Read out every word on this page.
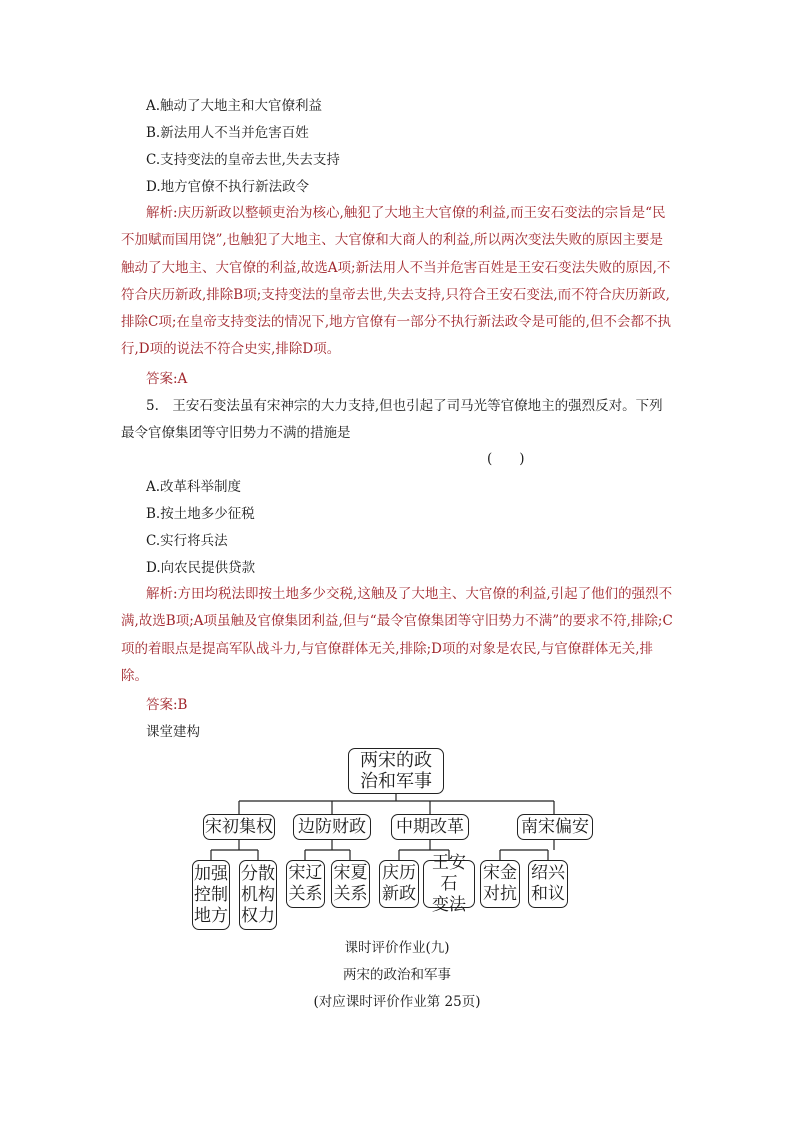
A.触动了大地主和大官僚利益
B.新法用人不当并危害百姓
C.支持变法的皇帝去世,失去支持
D.地方官僚不执行新法政令
解析:庆历新政以整顿吏治为核心,触犯了大地主大官僚的利益,而王安石变法的宗旨是“民不加赋而国用饶”,也触犯了大地主、大官僚和大商人的利益,所以两次变法失败的原因主要是触动了大地主、大官僚的利益,故选A项;新法用人不当并危害百姓是王安石变法失败的原因,不符合庆历新政,排除B项;支持变法的皇帝去世,失去支持,只符合王安石变法,而不符合庆历新政,排除C项;在皇帝支持变法的情况下,地方官僚有一部分不执行新法政令是可能的,但不会都不执行,D项的说法不符合史实,排除D项。
答案:A
5.　王安石变法虽有宋神宗的大力支持,但也引起了司马光等官僚地主的强烈反对。下列最令官僚集团等守旧势力不满的措施是
(　　)
A.改革科举制度
B.按土地多少征税
C.实行将兵法
D.向农民提供贷款
解析:方田均税法即按土地多少交税,这触及了大地主、大官僚的利益,引起了他们的强烈不满,故选B项;A项虽触及官僚集团利益,但与“最令官僚集团等守旧势力不满”的要求不符,排除;C项的着眼点是提高军队战斗力,与官僚群体无关,排除;D项的对象是农民,与官僚群体无关,排除。
答案:B
课堂建构
两宋的政
治和军事
宋初集权 边防财政 中期改革	南宋偏安
加强
控制
地方
分散
机构
权力
宋辽
关系
宋夏
关系
庆历
新政
王安石
变法
宋金
对抗
绍兴
和议
课时评价作业(九)
两宋的政治和军事
(对应课时评价作业第 25页)
